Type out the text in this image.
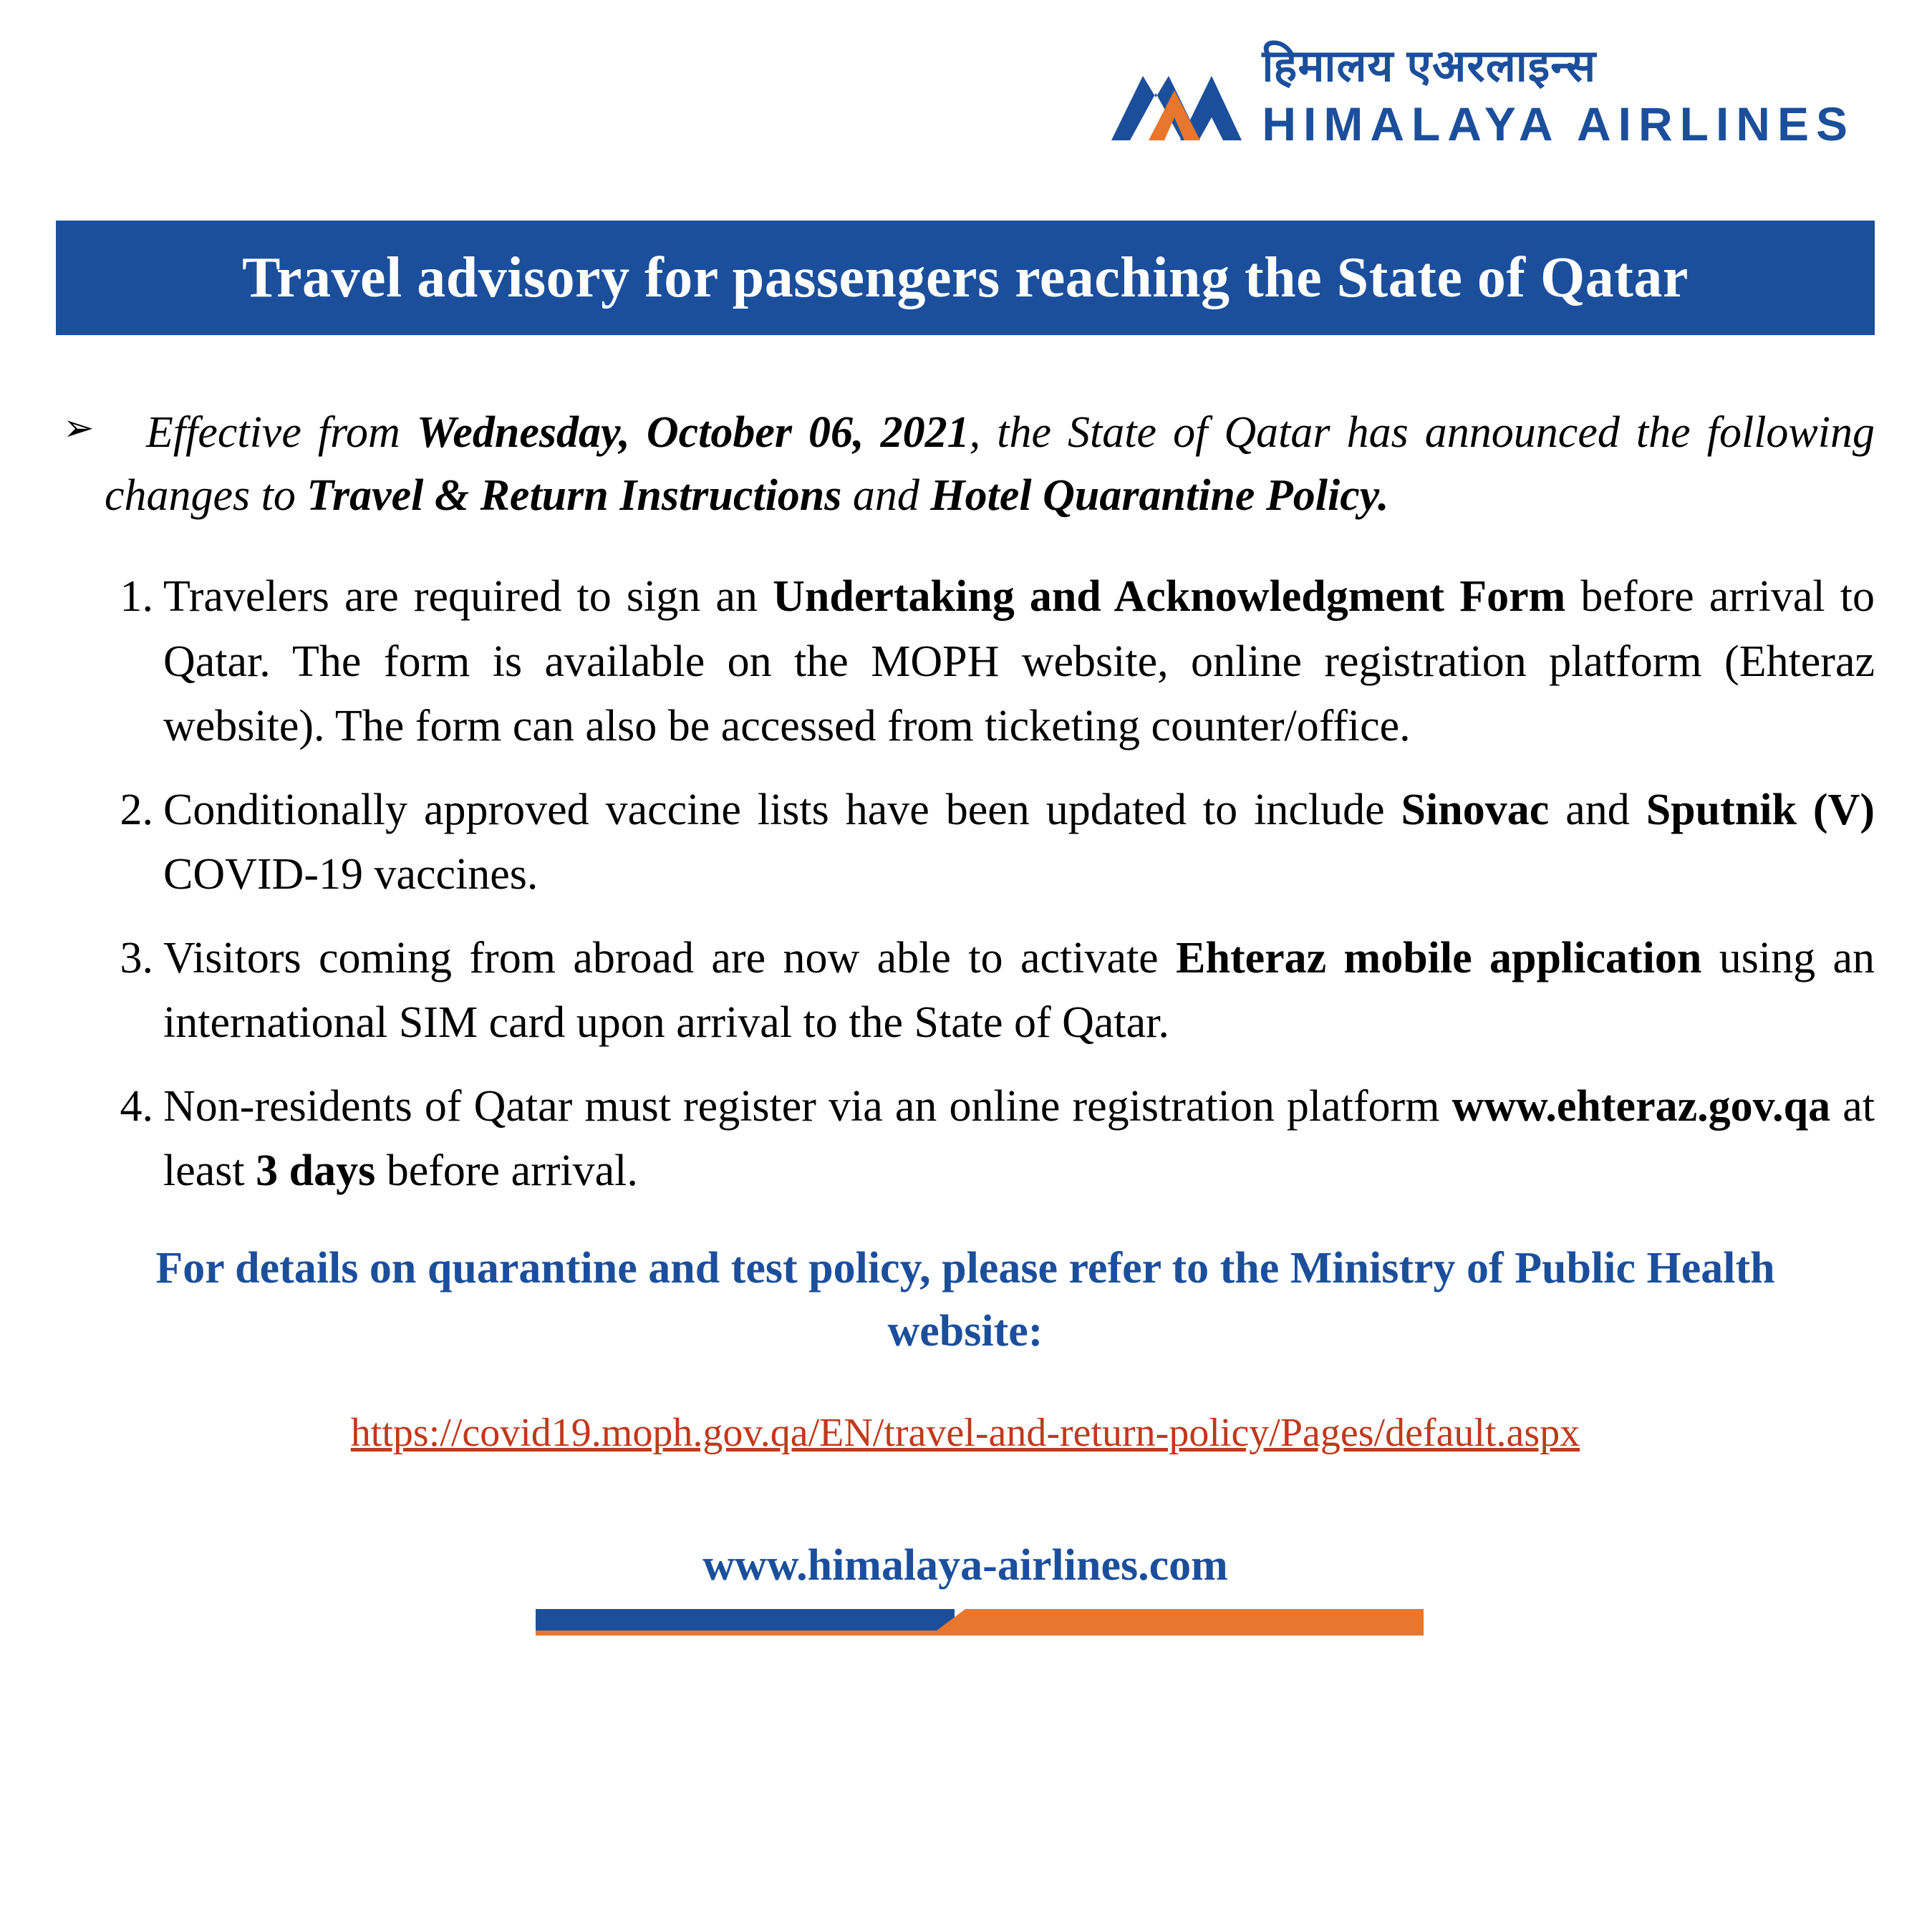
हिमालय एअरलाइन्स
HIMALAYA AIRLINES
Travel advisory for passengers reaching the State of Qatar

➢ Effective from Wednesday, October 06, 2021, the State of Qatar has announced the following changes to Travel & Return Instructions and Hotel Quarantine Policy.

Travelers are required to sign an Undertaking and Acknowledgment Form before arrival to Qatar. The form is available on the MOPH website, online registration platform (Ehteraz website). The form can also be accessed from ticketing counter/office.
Conditionally approved vaccine lists have been updated to include Sinovac and Sputnik (V) COVID-19 vaccines.
Visitors coming from abroad are now able to activate Ehteraz mobile application using an international SIM card upon arrival to the State of Qatar.
Non-residents of Qatar must register via an online registration platform www.ehteraz.gov.qa at least 3 days before arrival.

For details on quarantine and test policy, please refer to the Ministry of Public Health website:

https://covid19.moph.gov.qa/EN/travel-and-return-policy/Pages/default.aspx

www.himalaya-airlines.com
